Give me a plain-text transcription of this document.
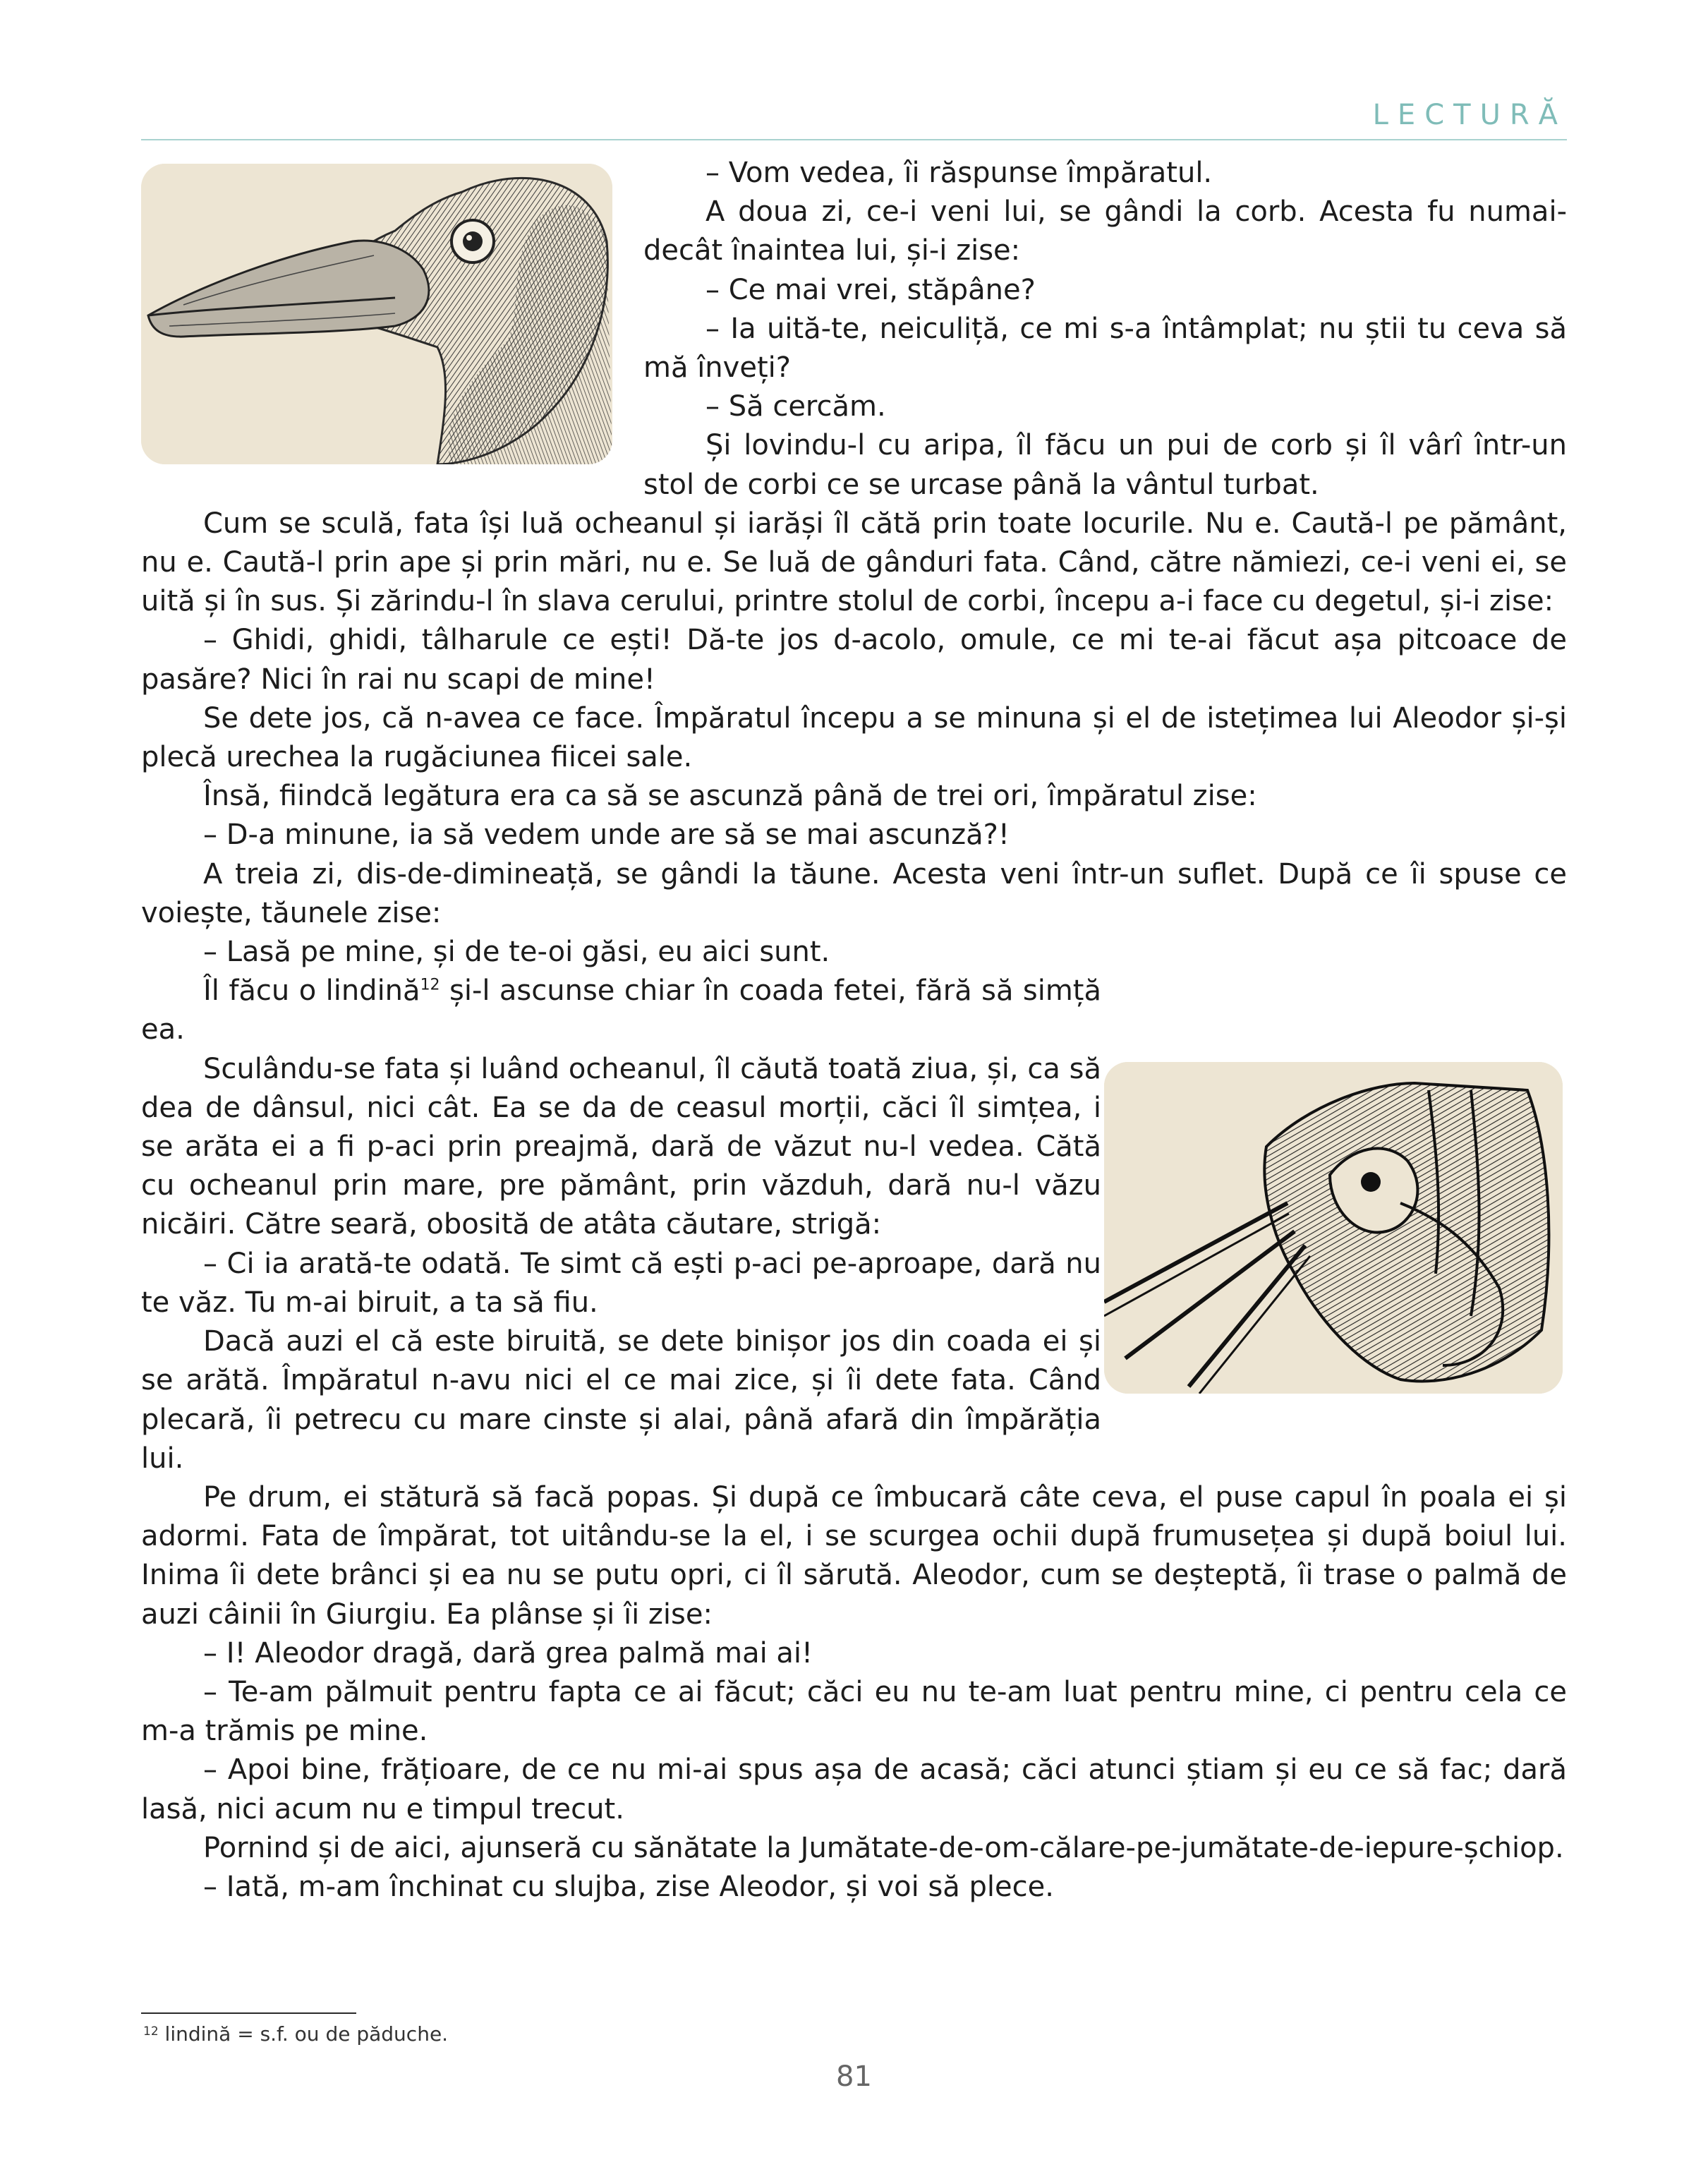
LECTURĂ

– Vom vedea, îi răspunse împăratul.

A doua zi, ce-i veni lui, se gândi la corb. Acesta fu numaidecât înaintea lui, și-i zise:

– Ce mai vrei, stăpâne?

– Ia uită-te, neiculiță, ce mi s-a întâmplat; nu știi tu ceva să mă înveți?

– Să cercăm.

Și lovindu-l cu aripa, îl făcu un pui de corb și îl vârî într-un stol de corbi ce se urcase până la vântul turbat.

Cum se sculă, fata își luă ocheanul și iarăși îl cătă prin toate locurile. Nu e. Caută-l pe pământ, nu e. Caută-l prin ape și prin mări, nu e. Se luă de gânduri fata. Când, către nămiezi, ce-i veni ei, se uită și în sus. Și zărindu-l în slava cerului, printre stolul de corbi, începu a-i face cu degetul, și-i zise:

– Ghidi, ghidi, tâlharule ce ești! Dă-te jos d-acolo, omule, ce mi te-ai făcut așa pitcoace de pasăre? Nici în rai nu scapi de mine!

Se dete jos, că n-avea ce face. Împăratul începu a se minuna și el de istețimea lui Aleodor și-și plecă urechea la rugăciunea fiicei sale.

Însă, fiindcă legătura era ca să se ascunză până de trei ori, împăratul zise:

– D-a minune, ia să vedem unde are să se mai ascunză?!

A treia zi, dis-de-dimineață, se gândi la tăune. Acesta veni într-un suflet. După ce îi spuse ce voiește, tăunele zise:

– Lasă pe mine, și de te-oi găsi, eu aici sunt.

Îl făcu o lindină$^{12}$ și-l ascunse chiar în coada fetei, fără să simță ea.

Sculându-se fata și luând ocheanul, îl căută toată ziua, și, ca să dea de dânsul, nici cât. Ea se da de ceasul morții, căci îl simțea, i se arăta ei a fi p-aci prin preajmă, dară de văzut nu-l vedea. Cătă cu ocheanul prin mare, pre pământ, prin văzduh, dară nu-l văzu nicăiri. Către seară, obosită de atâta căutare, strigă:

– Ci ia arată-te odată. Te simt că ești p-aci pe-aproape, dară nu te văz. Tu m-ai biruit, a ta să fiu.

Dacă auzi el că este biruită, se dete binișor jos din coada ei și se arătă. Împăratul n-avu nici el ce mai zice, și îi dete fata. Când plecară, îi petrecu cu mare cinste și alai, până afară din împărăția lui.

Pe drum, ei stătură să facă popas. Și după ce îmbucară câte ceva, el puse capul în poala ei și adormi. Fata de împărat, tot uitându-se la el, i se scurgea ochii după frumusețea și după boiul lui. Inima îi dete brânci și ea nu se putu opri, ci îl sărută. Aleodor, cum se deșteptă, îi trase o palmă de auzi câinii în Giurgiu. Ea plânse și îi zise:

– I! Aleodor dragă, dară grea palmă mai ai!

– Te-am pălmuit pentru fapta ce ai făcut; căci eu nu te-am luat pentru mine, ci pentru cela ce m-a trămis pe mine.

– Apoi bine, frățioare, de ce nu mi-ai spus așa de acasă; căci atunci știam și eu ce să fac; dară lasă, nici acum nu e timpul trecut.

Pornind și de aici, ajunseră cu sănătate la Jumătate-de-om-călare-pe-jumătate-de-iepure-șchiop.

– Iată, m-am închinat cu slujba, zise Aleodor, și voi să plece.

$^{12}$ lindină = s.f. ou de păduche.
81
